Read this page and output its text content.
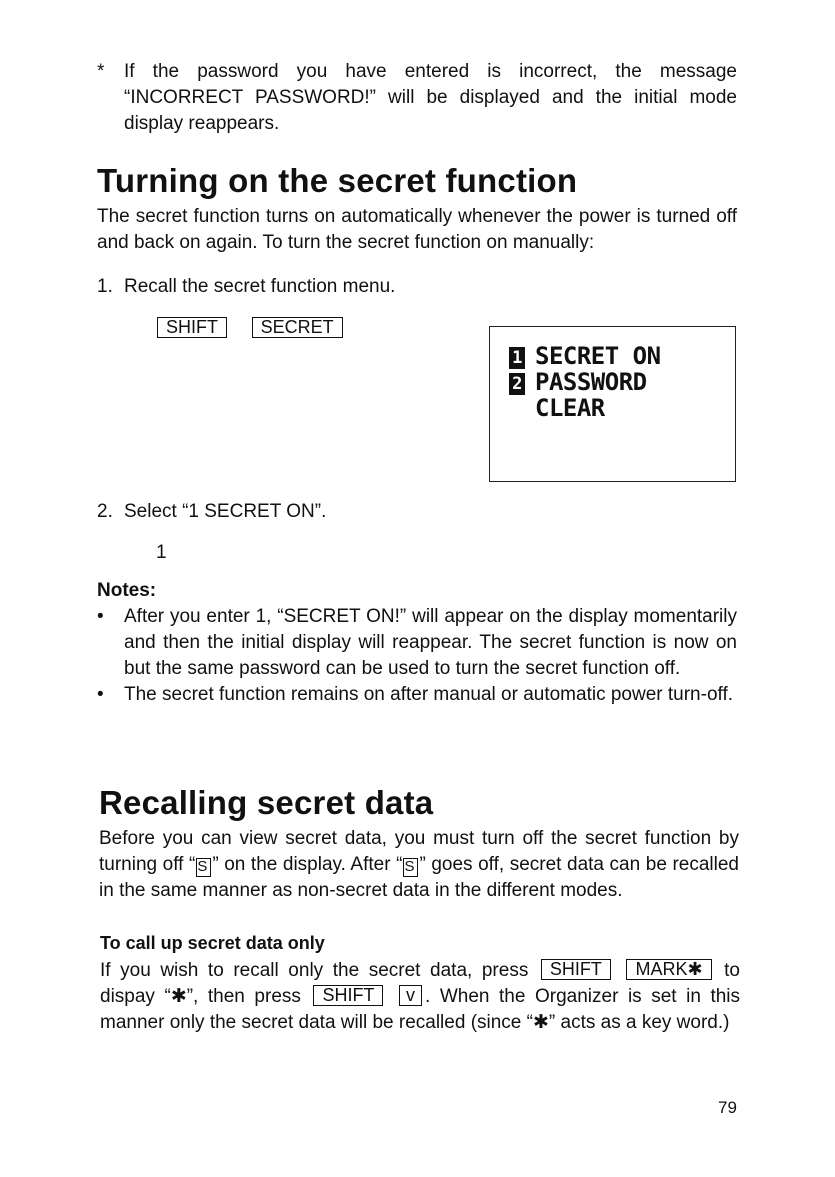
* If the password you have entered is incorrect, the message “INCORRECT PASSWORD!” will be displayed and the initial mode display reappears.
Turning on the secret function
The secret function turns on automatically whenever the power is turned off and back on again. To turn the secret function on manually:
1. Recall the secret function menu.
SHIFT SECRET
1 SECRET ON
2 PASSWORD
CLEAR
2. Select “1 SECRET ON”.
1
Notes:
• After you enter 1, “SECRET ON!” will appear on the display momentarily and then the initial display will reappear. The secret function is now on but the same password can be used to turn the secret function off.
• The secret function remains on after manual or automatic power turn-off.
Recalling secret data
Before you can view secret data, you must turn off the secret function by turning off “ S ” on the display. After “ S ” goes off, secret data can be recalled in the same manner as non-secret data in the different modes.
To call up secret data only
If you wish to recall only the secret data, press SHIFT MARK✱ to dispay “✱”, then press SHIFT v . When the Organizer is set in this manner only the secret data will be recalled (since “✱” acts as a key word.)
79
